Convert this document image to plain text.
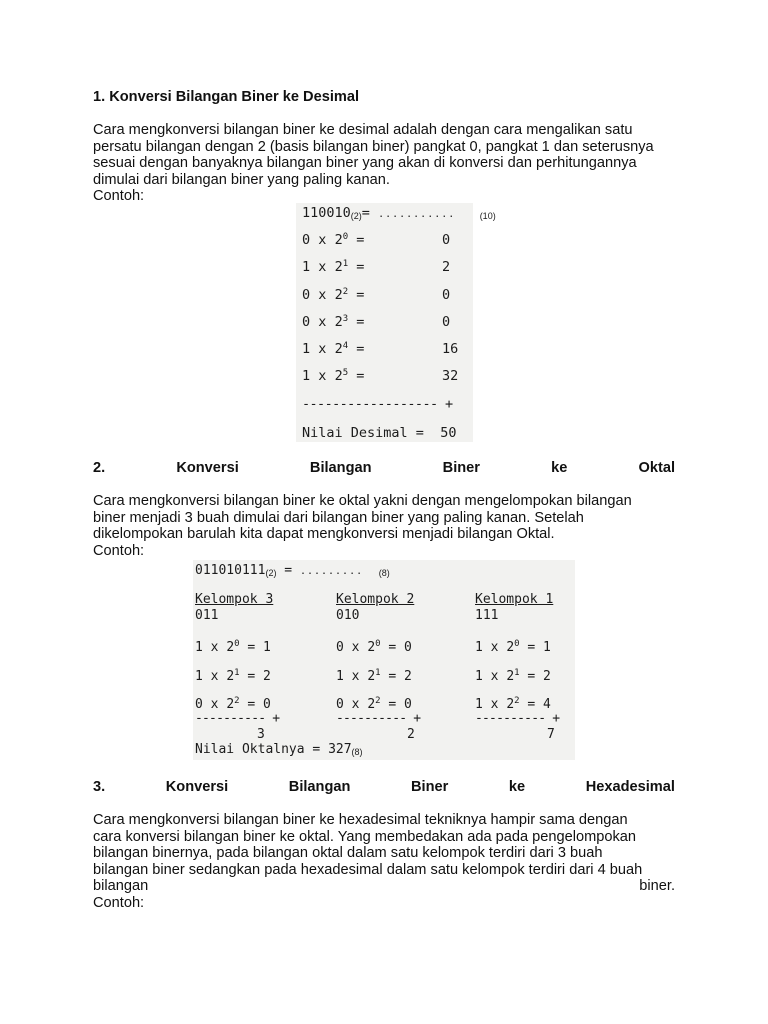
1. Konversi Bilangan Biner ke Desimal
Cara mengkonversi bilangan biner ke desimal adalah dengan cara mengalikan satu
persatu bilangan dengan 2 (basis bilangan biner) pangkat 0, pangkat 1 dan seterusnya
sesuai dengan banyaknya bilangan biner yang akan di konversi dan perhitungannya
dimulai dari bilangan biner yang paling kanan.
Contoh:
$110010_{(2)}=$ ...........	$_{(10)}$
0 x $2^0$ =	0
1 x $2^1$ =	2
0 x $2^2$ =	0
0 x $2^3$ =	0
1 x $2^4$ =	16
1 x $2^5$ =	32
------------------ +
Nilai Desimal = 50
2.	Konversi	Bilangan	Biner	ke	Oktal
Cara mengkonversi bilangan biner ke oktal yakni dengan mengelompokan bilangan
biner menjadi 3 buah dimulai dari bilangan biner yang paling kanan. Setelah
dikelompokan barulah kita dapat mengkonversi menjadi bilangan Oktal.
Contoh:
$011010111_{(2)}$ = ......... $_{(8)}$
Kelompok 3	Kelompok 2	Kelompok 1
011	010	111
1 x $2^0 = 1$	0 x $2^0 = 0$	1 x $2^0 = 1$
1 x $2^1 = 2$	1 x $2^1 = 2$	1 x $2^1 = 2$
0 x $2^2 = 0$	0 x $2^2 = 0$	1 x $2^2 = 4$
---------- +	---------- +	---------- +
3	2	7
Nilai Oktalnya = $327_{(8)}$
3.	Konversi	Bilangan	Biner	ke	Hexadesimal
Cara mengkonversi bilangan biner ke hexadesimal tekniknya hampir sama dengan
cara konversi bilangan biner ke oktal. Yang membedakan ada pada pengelompokan
bilangan binernya, pada bilangan oktal dalam satu kelompok terdiri dari 3 buah
bilangan biner sedangkan pada hexadesimal dalam satu kelompok terdiri dari 4 buah
bilangan	biner.
Contoh:
